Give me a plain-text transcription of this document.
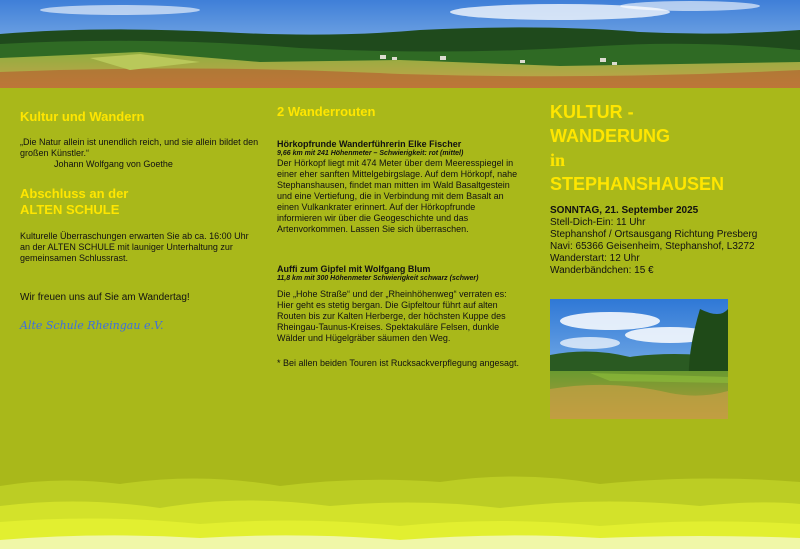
Kultur und Wandern
„Die Natur allein ist unendlich reich, und sie allein bildet den großen Künstler.“
Johann Wolfgang von Goethe
Abschluss an der
ALTEN SCHULE
Kulturelle Überraschungen erwarten Sie ab ca. 16:00 Uhr an der ALTEN SCHULE mit launiger Unterhaltung zur gemeinsamen Schlussrast.
Wir freuen uns auf Sie am Wandertag!
Alte Schule Rheingau e.V.
2 Wanderrouten
Hörkopfrunde Wanderführerin Elke Fischer
9,66 km mit 241 Höhenmeter – Schwierigkeit: rot (mittel)
Der Hörkopf liegt mit 474 Meter über dem Meeresspiegel in einer eher sanften Mittelgebirgslage. Auf dem Hörkopf, nahe Stephanshausen, findet man mitten im Wald Basaltgestein und eine Vertiefung, die in Verbindung mit dem Basalt an einen Vulkankrater erinnert. Auf der Hörkopfrunde informieren wir über die Geogeschichte und das Artenvorkommen. Lassen Sie sich überraschen.
Auffi zum Gipfel mit Wolfgang Blum
11,8 km mit 300 Höhenmeter Schwierigkeit schwarz (schwer)
Die „Hohe Straße“ und der „Rheinhöhenweg“ verraten es: Hier geht es stetig bergan. Die Gipfeltour führt auf alten Routen bis zur Kalten Herberge, der höchsten Kuppe des Rheingau-Taunus-Kreises. Spektakuläre Felsen, dunkle Wälder und Hügelgräber säumen den Weg.
* Bei allen beiden Touren ist Rucksackverpflegung angesagt.
KULTUR -
WANDERUNG
in
STEPHANSHAUSEN
SONNTAG, 21. September 2025
Stell-Dich-Ein: 11 Uhr
Stephanshof / Ortsausgang Richtung Presberg
Navi: 65366 Geisenheim, Stephanshof, L3272
Wanderstart: 12 Uhr
Wanderbändchen: 15 €
